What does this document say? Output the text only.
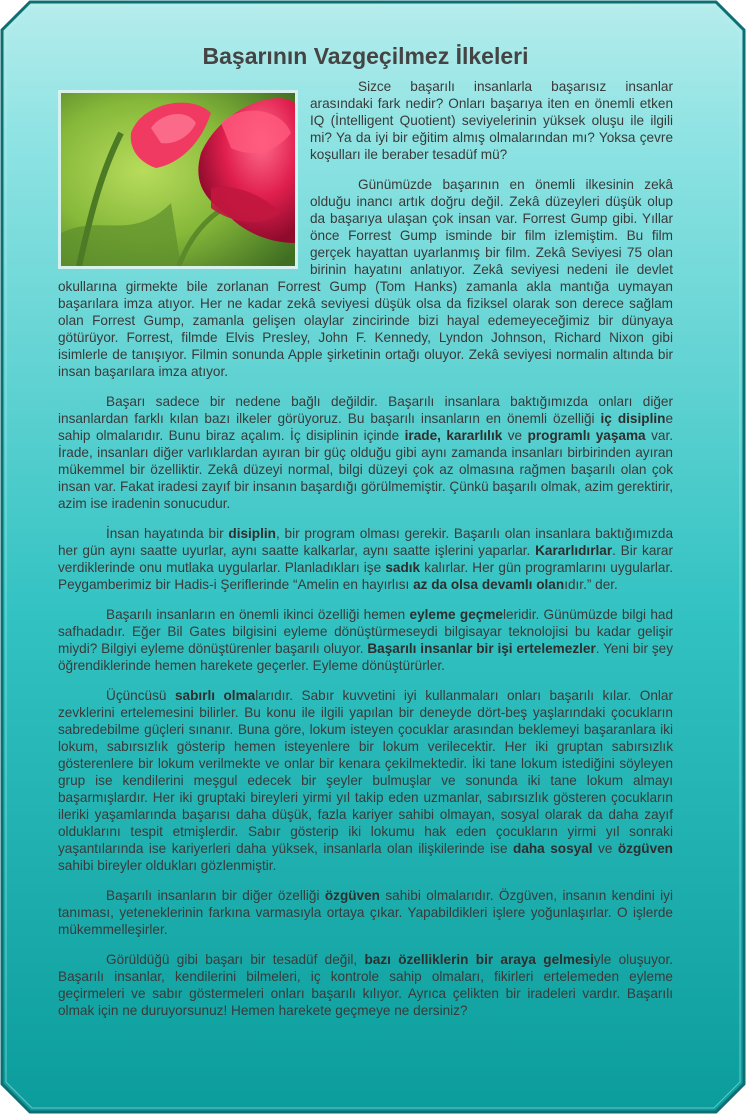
Başarının Vazgeçilmez İlkeleri

Sizce başarılı insanlarla başarısız insanlar arasındaki fark nedir? Onları başarıya iten en önemli etken IQ (İntelligent Quotient) seviyelerinin yüksek oluşu ile ilgili mi? Ya da iyi bir eğitim almış olmalarından mı? Yoksa çevre koşulları ile beraber tesadüf mü?

Günümüzde başarının en önemli ilkesinin zekâ olduğu inancı artık doğru değil. Zekâ düzeyleri düşük olup da başarıya ulaşan çok insan var. Forrest Gump gibi. Yıllar önce Forrest Gump isminde bir film izlemiştim. Bu film gerçek hayattan uyarlanmış bir film. Zekâ Seviyesi 75 olan birinin hayatını anlatıyor. Zekâ seviyesi nedeni ile devlet okullarına girmekte bile zorlanan Forrest Gump (Tom Hanks) zamanla akla mantığa uymayan başarılara imza atıyor. Her ne kadar zekâ seviyesi düşük olsa da fiziksel olarak son derece sağlam olan Forrest Gump, zamanla gelişen olaylar zincirinde bizi hayal edemeyeceğimiz bir dünyaya götürüyor. Forrest, filmde Elvis Presley, John F. Kennedy, Lyndon Johnson, Richard Nixon gibi isimlerle de tanışıyor. Filmin sonunda Apple şirketinin ortağı oluyor. Zekâ seviyesi normalin altında bir insan başarılara imza atıyor.

Başarı sadece bir nedene bağlı değildir. Başarılı insanlara baktığımızda onları diğer insanlardan farklı kılan bazı ilkeler görüyoruz. Bu başarılı insanların en önemli özelliği iç disipline sahip olmalarıdır. Bunu biraz açalım. İç disiplinin içinde irade, kararlılık ve programlı yaşama var. İrade, insanları diğer varlıklardan ayıran bir güç olduğu gibi aynı zamanda insanları birbirinden ayıran mükemmel bir özelliktir. Zekâ düzeyi normal, bilgi düzeyi çok az olmasına rağmen başarılı olan çok insan var. Fakat iradesi zayıf bir insanın başardığı görülmemiştir. Çünkü başarılı olmak, azim gerektirir, azim ise iradenin sonucudur.

İnsan hayatında bir disiplin, bir program olması gerekir. Başarılı olan insanlara baktığımızda her gün aynı saatte uyurlar, aynı saatte kalkarlar, aynı saatte işlerini yaparlar. Kararlıdırlar. Bir karar verdiklerinde onu mutlaka uygularlar. Planladıkları işe sadık kalırlar. Her gün programlarını uygularlar. Peygamberimiz bir Hadis-i Şeriflerinde “Amelin en hayırlısı az da olsa devamlı olanıdır.” der.

Başarılı insanların en önemli ikinci özelliği hemen eyleme geçmeleridir. Günümüzde bilgi had safhadadır. Eğer Bil Gates bilgisini eyleme dönüştürmeseydi bilgisayar teknolojisi bu kadar gelişir miydi? Bilgiyi eyleme dönüştürenler başarılı oluyor. Başarılı insanlar bir işi ertelemezler. Yeni bir şey öğrendiklerinde hemen harekete geçerler. Eyleme dönüştürürler.

Üçüncüsü sabırlı olmalarıdır. Sabır kuvvetini iyi kullanmaları onları başarılı kılar. Onlar zevklerini ertelemesini bilirler. Bu konu ile ilgili yapılan bir deneyde dört-beş yaşlarındaki çocukların sabredebilme güçleri sınanır. Buna göre, lokum isteyen çocuklar arasından beklemeyi başaranlara iki lokum, sabırsızlık gösterip hemen isteyenlere bir lokum verilecektir. Her iki gruptan sabırsızlık gösterenlere bir lokum verilmekte ve onlar bir kenara çekilmektedir. İki tane lokum istediğini söyleyen grup ise kendilerini meşgul edecek bir şeyler bulmuşlar ve sonunda iki tane lokum almayı başarmışlardır. Her iki gruptaki bireyleri yirmi yıl takip eden uzmanlar, sabırsızlık gösteren çocukların ileriki yaşamlarında başarısı daha düşük, fazla kariyer sahibi olmayan, sosyal olarak da daha zayıf olduklarını tespit etmişlerdir. Sabır gösterip iki lokumu hak eden çocukların yirmi yıl sonraki yaşantılarında ise kariyerleri daha yüksek, insanlarla olan ilişkilerinde ise daha sosyal ve özgüven sahibi bireyler oldukları gözlenmiştir.

Başarılı insanların bir diğer özelliği özgüven sahibi olmalarıdır. Özgüven, insanın kendini iyi tanıması, yeteneklerinin farkına varmasıyla ortaya çıkar. Yapabildikleri işlere yoğunlaşırlar. O işlerde mükemmelleşirler.

Görüldüğü gibi başarı bir tesadüf değil, bazı özelliklerin bir araya gelmesiyle oluşuyor. Başarılı insanlar, kendilerini bilmeleri, iç kontrole sahip olmaları, fikirleri ertelemeden eyleme geçirmeleri ve sabır göstermeleri onları başarılı kılıyor. Ayrıca çelikten bir iradeleri vardır. Başarılı olmak için ne duruyorsunuz! Hemen harekete geçmeye ne dersiniz?
